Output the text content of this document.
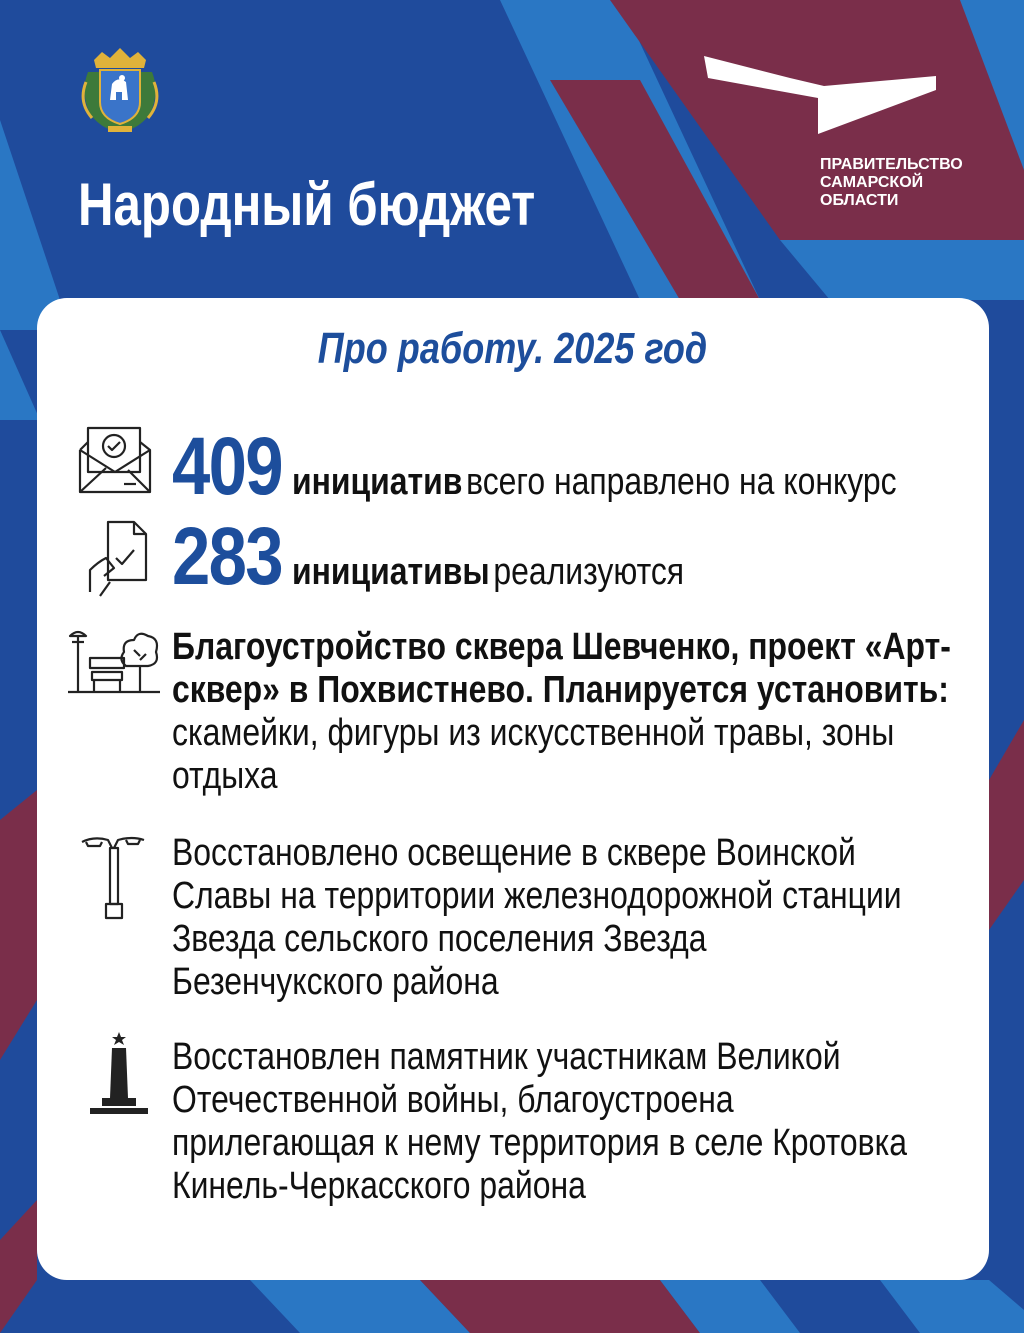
Народный бюджет
ПРАВИТЕЛЬСТВО
САМАРСКОЙ
ОБЛАСТИ
Про работу. 2025 год
409 инициатив всего направлено на конкурс
283 инициативы реализуются
Благоустройство сквера Шевченко, проект «Арт-
сквер» в Похвистнево. Планируется установить:
скамейки, фигуры из искусственной травы, зоны
отдыха
Восстановлено освещение в сквере Воинской
Славы на территории железнодорожной станции
Звезда сельского поселения Звезда
Безенчукского района
Восстановлен памятник участникам Великой
Отечественной войны, благоустроена
прилегающая к нему территория в селе Кротовка
Кинель-Черкасского района
